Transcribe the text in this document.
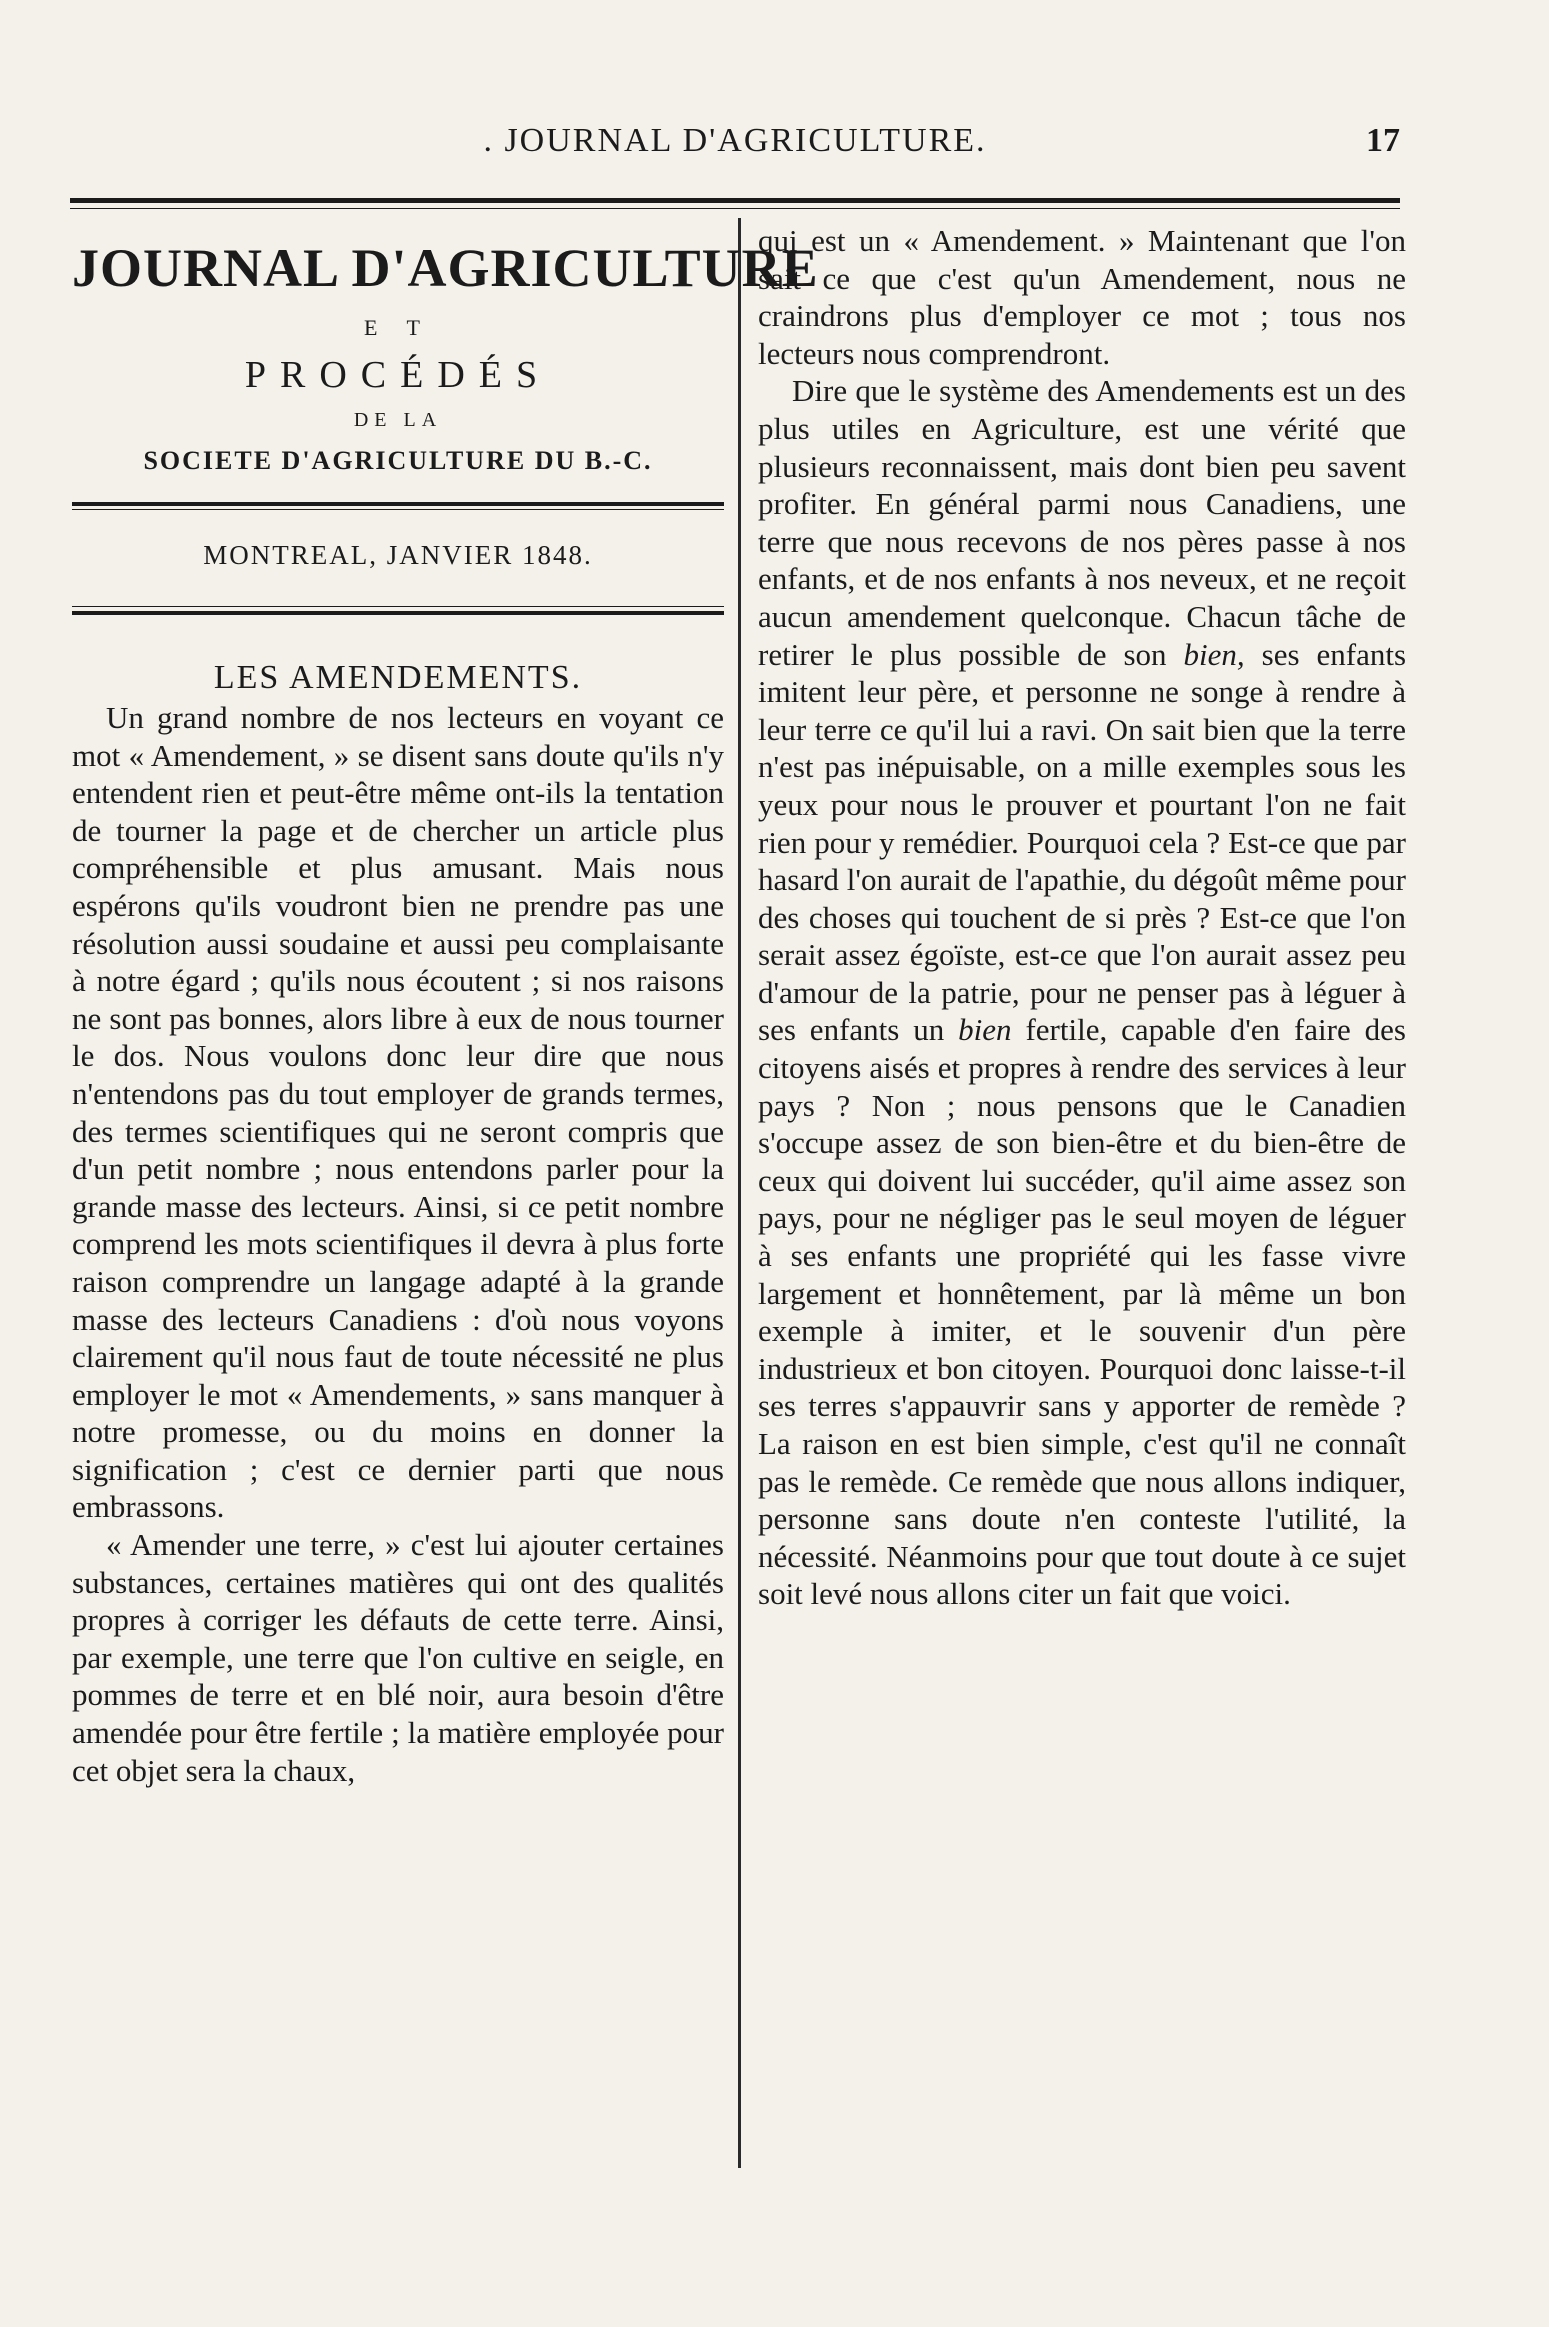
. JOURNAL D'AGRICULTURE.	17
JOURNAL D'AGRICULTURE
E T
PROCÉDÉS
DE LA
SOCIETE D'AGRICULTURE DU B.-C.
MONTREAL, JANVIER 1848.
LES AMENDEMENTS.

Un grand nombre de nos lecteurs en voyant ce mot « Amendement, » se disent sans doute qu'ils n'y entendent rien et peut-être même ont-ils la tentation de tourner la page et de chercher un article plus compréhensible et plus amusant. Mais nous espérons qu'ils voudront bien ne prendre pas une résolution aussi soudaine et aussi peu complaisante à notre égard ; qu'ils nous écoutent ; si nos raisons ne sont pas bonnes, alors libre à eux de nous tourner le dos. Nous voulons donc leur dire que nous n'entendons pas du tout employer de grands termes, des termes scientifiques qui ne seront compris que d'un petit nombre ; nous entendons parler pour la grande masse des lecteurs. Ainsi, si ce petit nombre comprend les mots scientifiques il devra à plus forte raison comprendre un langage adapté à la grande masse des lecteurs Canadiens : d'où nous voyons clairement qu'il nous faut de toute nécessité ne plus employer le mot « Amendements, » sans manquer à notre promesse, ou du moins en donner la signification ; c'est ce dernier parti que nous embrassons.

« Amender une terre, » c'est lui ajouter certaines substances, certaines matières qui ont des qualités propres à corriger les défauts de cette terre. Ainsi, par exemple, une terre que l'on cultive en seigle, en pommes de terre et en blé noir, aura besoin d'être amendée pour être fertile ; la matière employée pour cet objet sera la chaux,

qui est un « Amendement. » Maintenant que l'on sait ce que c'est qu'un Amendement, nous ne craindrons plus d'employer ce mot ; tous nos lecteurs nous comprendront.

Dire que le système des Amendements est un des plus utiles en Agriculture, est une vérité que plusieurs reconnaissent, mais dont bien peu savent profiter. En général parmi nous Canadiens, une terre que nous recevons de nos pères passe à nos enfants, et de nos enfants à nos neveux, et ne reçoit aucun amendement quelconque. Chacun tâche de retirer le plus possible de son bien, ses enfants imitent leur père, et personne ne songe à rendre à leur terre ce qu'il lui a ravi. On sait bien que la terre n'est pas inépuisable, on a mille exemples sous les yeux pour nous le prouver et pourtant l'on ne fait rien pour y remédier. Pourquoi cela ? Est-ce que par hasard l'on aurait de l'apathie, du dégoût même pour des choses qui touchent de si près ? Est-ce que l'on serait assez égoïste, est-ce que l'on aurait assez peu d'amour de la patrie, pour ne penser pas à léguer à ses enfants un bien fertile, capable d'en faire des citoyens aisés et propres à rendre des services à leur pays ? Non ; nous pensons que le Canadien s'occupe assez de son bien-être et du bien-être de ceux qui doivent lui succéder, qu'il aime assez son pays, pour ne négliger pas le seul moyen de léguer à ses enfants une propriété qui les fasse vivre largement et honnêtement, par là même un bon exemple à imiter, et le souvenir d'un père industrieux et bon citoyen. Pourquoi donc laisse-t-il ses terres s'appauvrir sans y apporter de remède ? La raison en est bien simple, c'est qu'il ne connaît pas le remède. Ce remède que nous allons indiquer, personne sans doute n'en conteste l'utilité, la nécessité. Néanmoins pour que tout doute à ce sujet soit levé nous allons citer un fait que voici.
